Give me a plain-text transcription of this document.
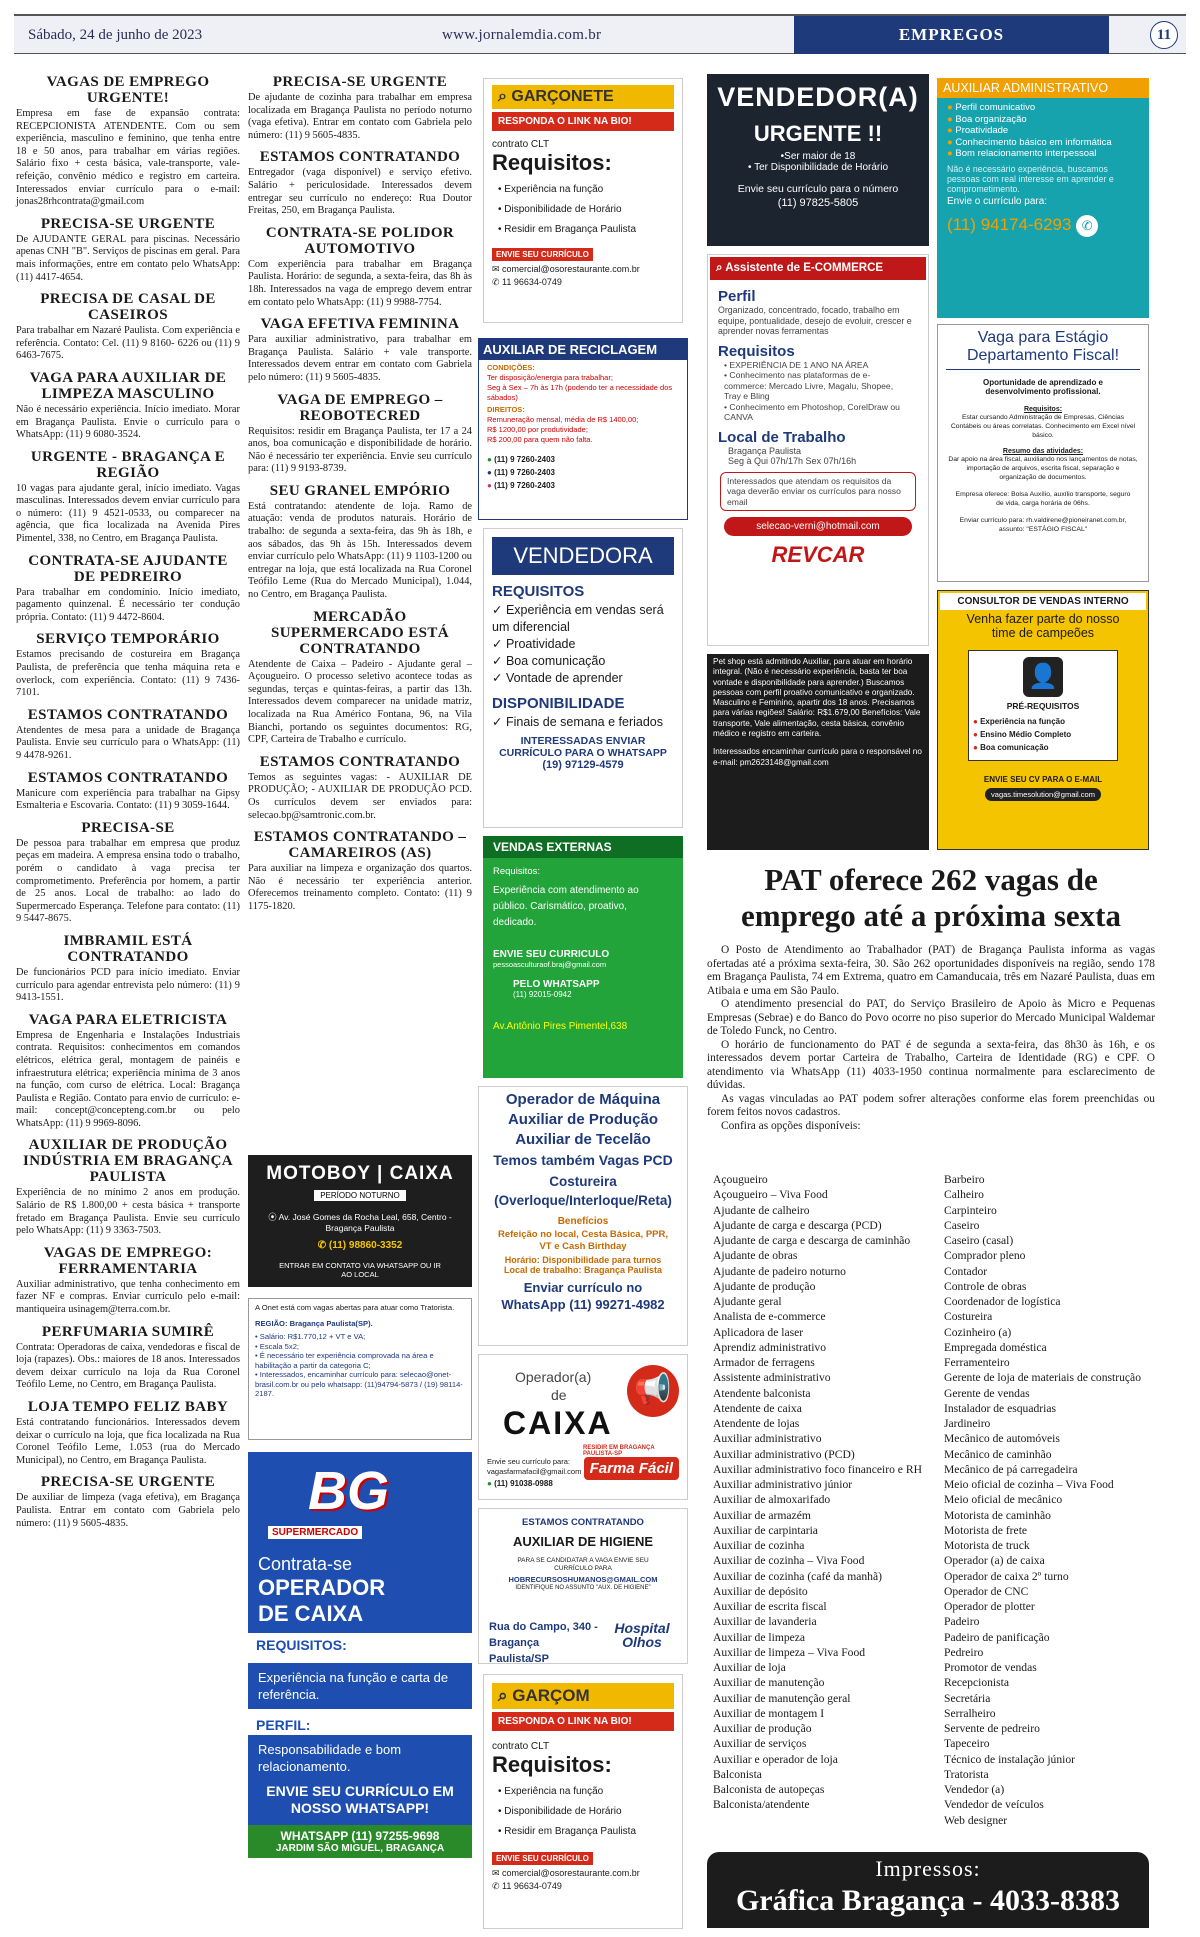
Sábado, 24 de junho de 2023	www.jornalemdia.com.br	EMPREGOS	11
VAGAS DE EMPREGO URGENTE!

Empresa em fase de expansão contrata: RECEPCIONISTA ATENDENTE. Com ou sem experiência, masculino e feminino, que tenha entre 18 e 50 anos, para trabalhar em várias regiões. Salário fixo + cesta básica, vale-transporte, vale-refeição, convênio médico e registro em carteira. Interessados enviar currículo para o e-mail: jonas28rhcontrata@gmail.com

PRECISA-SE URGENTE

De AJUDANTE GERAL para piscinas. Necessário apenas CNH "B". Serviços de piscinas em geral. Para mais informações, entre em contato pelo WhatsApp: (11) 4417-4654.

PRECISA DE CASAL DE CASEIROS

Para trabalhar em Nazaré Paulista. Com experiência e referência. Contato: Cel. (11) 9 8160- 6226 ou (11) 9 6463-7675.

VAGA PARA AUXILIAR DE LIMPEZA MASCULINO

Não é necessário experiência. Início imediato. Morar em Bragança Paulista. Envie o currículo para o WhatsApp: (11) 9 6080-3524.

URGENTE - BRAGANÇA E REGIÃO

10 vagas para ajudante geral, início imediato. Vagas masculinas. Interessados devem enviar currículo para o número: (11) 9 4521-0533, ou comparecer na agência, que fica localizada na Avenida Pires Pimentel, 338, no Centro, em Bragança Paulista.

CONTRATA-SE AJUDANTE DE PEDREIRO

Para trabalhar em condomínio. Início imediato, pagamento quinzenal. É necessário ter condução própria. Contato: (11) 9 4472-8604.

SERVIÇO TEMPORÁRIO

Estamos precisando de costureira em Bragança Paulista, de preferência que tenha máquina reta e overlock, com experiência. Contato: (11) 9 7436-7101.

ESTAMOS CONTRATANDO

Atendentes de mesa para a unidade de Bragança Paulista. Envie seu currículo para o WhatsApp: (11) 9 4478-9261.

ESTAMOS CONTRATANDO

Manicure com experiência para trabalhar na Gipsy Esmalteria e Escovaria. Contato: (11) 9 3059-1644.

PRECISA-SE

De pessoa para trabalhar em empresa que produz peças em madeira. A empresa ensina todo o trabalho, porém o candidato à vaga precisa ter comprometimento. Preferência por homem, a partir de 25 anos. Local de trabalho: ao lado do Supermercado Esperança. Telefone para contato: (11) 9 5447-8675.

IMBRAMIL ESTÁ CONTRATANDO

De funcionários PCD para início imediato. Enviar currículo para agendar entrevista pelo número: (11) 9 9413-1551.

VAGA PARA ELETRICISTA

Empresa de Engenharia e Instalações Industriais contrata. Requisitos: conhecimentos em comandos elétricos, elétrica geral, montagem de painéis e infraestrutura elétrica; experiência mínima de 3 anos na função, com curso de elétrica. Local: Bragança Paulista e Região. Contato para envio de currículo: e-mail: concept@concepteng.com.br ou pelo WhatsApp: (11) 9 9969-8096.

AUXILIAR DE PRODUÇÃO INDÚSTRIA EM BRAGANÇA PAULISTA

Experiência de no mínimo 2 anos em produção. Salário de R$ 1.800,00 + cesta básica + transporte fretado em Bragança Paulista. Envie seu currículo pelo WhatsApp: (11) 9 3363-7503.

VAGAS DE EMPREGO: FERRAMENTARIA

Auxiliar administrativo, que tenha conhecimento em fazer NF e compras. Enviar currículo pelo e-mail: mantiqueira usinagem@terra.com.br.

PERFUMARIA SUMIRÊ

Contrata: Operadoras de caixa, vendedoras e fiscal de loja (rapazes). Obs.: maiores de 18 anos. Interessados devem deixar currículo na loja da Rua Coronel Teófilo Leme, no Centro, em Bragança Paulista.

LOJA TEMPO FELIZ BABY

Está contratando funcionários. Interessados devem deixar o currículo na loja, que fica localizada na Rua Coronel Teófilo Leme, 1.053 (rua do Mercado Municipal), no Centro, em Bragança Paulista.

PRECISA-SE URGENTE

De auxiliar de limpeza (vaga efetiva), em Bragança Paulista. Entrar em contato com Gabriela pelo número: (11) 9 5605-4835.

PRECISA-SE URGENTE

De ajudante de cozinha para trabalhar em empresa localizada em Bragança Paulista no período noturno (vaga efetiva). Entrar em contato com Gabriela pelo número: (11) 9 5605-4835.

ESTAMOS CONTRATANDO

Entregador (vaga disponível) e serviço efetivo. Salário + periculosidade. Interessados devem entregar seu currículo no endereço: Rua Doutor Freitas, 250, em Bragança Paulista.

CONTRATA-SE POLIDOR AUTOMOTIVO

Com experiência para trabalhar em Bragança Paulista. Horário: de segunda, a sexta-feira, das 8h às 18h. Interessados na vaga de emprego devem entrar em contato pelo WhatsApp: (11) 9 9988-7754.

VAGA EFETIVA FEMININA

Para auxiliar administrativo, para trabalhar em Bragança Paulista. Salário + vale transporte. Interessados devem entrar em contato com Gabriela pelo número: (11) 9 5605-4835.

VAGA DE EMPREGO – REOBOTECRED

Requisitos: residir em Bragança Paulista, ter 17 a 24 anos, boa comunicação e disponibilidade de horário. Não é necessário ter experiência. Envie seu currículo para: (11) 9 9193-8739.

SEU GRANEL EMPÓRIO

Está contratando: atendente de loja. Ramo de atuação: venda de produtos naturais. Horário de trabalho: de segunda a sexta-feira, das 9h às 18h, e aos sábados, das 9h às 15h. Interessados devem enviar currículo pelo WhatsApp: (11) 9 1103-1200 ou entregar na loja, que está localizada na Rua Coronel Teófilo Leme (Rua do Mercado Municipal), 1.044, no Centro, em Bragança Paulista.

MERCADÃO SUPERMERCADO ESTÁ CONTRATANDO

Atendente de Caixa – Padeiro - Ajudante geral – Açougueiro. O processo seletivo acontece todas as segundas, terças e quintas-feiras, a partir das 13h. Interessados devem comparecer na unidade matriz, localizada na Rua Américo Fontana, 96, na Vila Bianchi, portando os seguintes documentos: RG, CPF, Carteira de Trabalho e currículo.

ESTAMOS CONTRATANDO

Temos as seguintes vagas: - AUXILIAR DE PRODUÇÃO; - AUXILIAR DE PRODUÇÃO PCD. Os currículos devem ser enviados para: selecao.bp@samtronic.com.br.

ESTAMOS CONTRATANDO – CAMAREIROS (AS)

Para auxiliar na limpeza e organização dos quartos. Não é necessário ter experiência anterior. Oferecemos treinamento completo. Contato: (11) 9 1175-1820.

MOTOBOY | CAIXA
PERÍODO NOTURNO
⦿ Av. José Gomes da Rocha Leal, 658, Centro - Bragança Paulista
✆ (11) 98860-3352
ENTRAR EM CONTATO VIA WHATSAPP OU IR AO LOCAL
A Onet está com vagas abertas para atuar como Tratorista.
REGIÃO: Bragança Paulista(SP).
• Salário: R$1.770,12 + VT e VA;
• Escala 5x2;
• É necessário ter experiência comprovada na área e habilitação a partir da categoria C;
• Interessados, encaminhar currículo para: selecao@onet-brasil.com.br ou pelo whatsapp: (11)94794-5873 / (19) 98114-2187.
BG
SUPERMERCADO
Contrata-se
OPERADOR
DE CAIXA
REQUISITOS:
Experiência na função e carta de referência.
PERFIL:
Responsabilidade e bom relacionamento.
ENVIE SEU CURRÍCULO EM NOSSO WHATSAPP!
WHATSAPP (11) 97255-9698
JARDIM SÃO MIGUEL, BRAGANÇA
⌕ GARÇONETE
RESPONDA O LINK NA BIO!
contrato CLT
Requisitos:
• Experiência na função
• Disponibilidade de Horário
• Residir em Bragança Paulista
ENVIE SEU CURRÍCULO
✉ comercial@osorestaurante.com.br
✆ 11 96634-0749
AUXILIAR DE RECICLAGEM
CONDIÇÕES:
Ter disposição/energia para trabalhar;
Seg à Sex – 7h às 17h (podendo ter a necessidade dos sábados)
DIREITOS:
Remuneração mensal, média de R$ 1400,00;
R$ 1200,00 por produtividade;
R$ 200,00 para quem não falta.
● (11) 9 7260-2403
● (11) 9 7260-2403
● (11) 9 7260-2403
VENDEDORA
REQUISITOS
✓ Experiência em vendas será um diferencial
✓ Proatividade
✓ Boa comunicação
✓ Vontade de aprender
DISPONIBILIDADE
✓ Finais de semana e feriados
INTERESSADAS ENVIAR CURRÍCULO PARA O WHATSAPP
(19) 97129-4579
VENDAS EXTERNAS
Requisitos:
Experiência com atendimento ao público. Carismático, proativo, dedicado.
ENVIE SEU CURRICULO
pessoasculturaof.braj@gmail.com
PELO WHATSAPP
(11) 92015-0942
Av.Antônio Pires Pimentel,638
Operador de Máquina
Auxiliar de Produção
Auxiliar de Tecelão
Temos também Vagas PCD
Costureira (Overloque/Interloque/Reta)
Benefícios
Refeição no local, Cesta Básica, PPR, VT e Cash Birthday
Horário: Disponibilidade para turnos
Local de trabalho: Bragança Paulista
Enviar currículo no WhatsApp (11) 99271-4982
Operador(a)
de
CAIXA
📢
RESIDIR EM BRAGANÇA PAULISTA-SP
Envie seu currículo para:
vagasfarmafacil@gmail.com
● (11) 91038-0988
Farma Fácil
ESTAMOS CONTRATANDO
AUXILIAR DE HIGIENE
PARA SE CANDIDATAR A VAGA ENVIE SEU CURRÍCULO PARA
HOBRECURSOSHUMANOS@GMAIL.COM
IDENTIFIQUE NO ASSUNTO "AUX. DE HIGIENE"
Rua do Campo, 340 - Bragança Paulista/SP
Hospital Olhos
⌕ GARÇOM
RESPONDA O LINK NA BIO!
contrato CLT
Requisitos:
• Experiência na função
• Disponibilidade de Horário
• Residir em Bragança Paulista
ENVIE SEU CURRÍCULO
✉ comercial@osorestaurante.com.br
✆ 11 96634-0749
VENDEDOR(A)
URGENTE !!
•Ser maior de 18
• Ter Disponibilidade de Horário
Envie seu currículo para o número
(11) 97825-5805
⌕ Assistente de E-COMMERCE
Perfil
Organizado, concentrado, focado, trabalho em equipe, pontualidade, desejo de evoluir, crescer e aprender novas ferramentas
Requisitos
• EXPERIÊNCIA DE 1 ANO NA ÁREA
• Conhecimento nas plataformas de e-commerce: Mercado Livre, Magalu, Shopee, Tray e Bling
• Conhecimento em Photoshop, CorelDraw ou CANVA
Local de Trabalho
Bragança Paulista
Seg à Qui 07h/17h Sex 07h/16h
Interessados que atendam os requisitos da vaga deverão enviar os currículos para nosso email
selecao-verni@hotmail.com
REVCAR
Pet shop está admitindo Auxiliar, para atuar em horário integral. (Não é necessário experiência, basta ter boa vontade e disponibilidade para aprender.) Buscamos pessoas com perfil proativo comunicativo e organizado. Masculino e Feminino, apartir dos 18 anos. Precisamos para várias regiões! Salário: R$1.679,00 Benefícios: Vale transporte, Vale alimentação, cesta básica, convênio médico e registro em carteira.
Interessados encaminhar currículo para o responsável no e-mail: pm2623148@gmail.com
AUXILIAR ADMINISTRATIVO
● Perfil comunicativo
● Boa organização
● Proatividade
● Conhecimento básico em informática
● Bom relacionamento interpessoal
Não é necessário experiência, buscamos pessoas com real interesse em aprender e comprometimento.
Envie o currículo para:
(11) 94174-6293 ✆
Vaga para Estágio
Departamento Fiscal!
Oportunidade de aprendizado e desenvolvimento profissional.
Requisitos:
Estar cursando Administração de Empresas, Ciências Contábeis ou áreas correlatas. Conhecimento em Excel nível básico.
Resumo das atividades:
Dar apoio na área fiscal, auxiliando nos lançamentos de notas, importação de arquivos, escrita fiscal, separação e organização de documentos.
Empresa oferece: Bolsa Auxílio, auxílio transporte, seguro de vida, carga horária de 06hs.
Enviar currículo para: rh.valdirene@pioneiranet.com.br, assunto: "ESTÁGIO FISCAL"
CONSULTOR DE VENDAS INTERNO
Venha fazer parte do nosso time de campeões
👤
PRÉ-REQUISITOS
● Experiência na função
● Ensino Médio Completo
● Boa comunicação
ENVIE SEU CV PARA O E-MAIL
vagas.timesolution@gmail.com
PAT oferece 262 vagas de emprego até a próxima sexta

O Posto de Atendimento ao Trabalhador (PAT) de Bragança Paulista informa as vagas ofertadas até a próxima sexta-feira, 30. São 262 oportunidades disponíveis na região, sendo 178 em Bragança Paulista, 74 em Extrema, quatro em Camanducaia, três em Nazaré Paulista, duas em Atibaia e uma em São Paulo.

O atendimento presencial do PAT, do Serviço Brasileiro de Apoio às Micro e Pequenas Empresas (Sebrae) e do Banco do Povo ocorre no piso superior do Mercado Municipal Waldemar de Toledo Funck, no Centro.

O horário de funcionamento do PAT é de segunda a sexta-feira, das 8h30 às 16h, e os interessados devem portar Carteira de Trabalho, Carteira de Identidade (RG) e CPF. O atendimento via WhatsApp (11) 4033-1950 continua normalmente para esclarecimento de dúvidas.

As vagas vinculadas ao PAT podem sofrer alterações conforme elas forem preenchidas ou forem feitos novos cadastros.

Confira as opções disponíveis:

Açougueiro
Açougueiro – Viva Food
Ajudante de calheiro
Ajudante de carga e descarga (PCD)
Ajudante de carga e descarga de caminhão
Ajudante de obras
Ajudante de padeiro noturno
Ajudante de produção
Ajudante geral
Analista de e-commerce
Aplicadora de laser
Aprendiz administrativo
Armador de ferragens
Assistente administrativo
Atendente balconista
Atendente de caixa
Atendente de lojas
Auxiliar administrativo
Auxiliar administrativo (PCD)
Auxiliar administrativo foco financeiro e RH
Auxiliar administrativo júnior
Auxiliar de almoxarifado
Auxiliar de armazém
Auxiliar de carpintaria
Auxiliar de cozinha
Auxiliar de cozinha – Viva Food
Auxiliar de cozinha (café da manhã)
Auxiliar de depósito
Auxiliar de escrita fiscal
Auxiliar de lavanderia
Auxiliar de limpeza
Auxiliar de limpeza – Viva Food
Auxiliar de loja
Auxiliar de manutenção
Auxiliar de manutenção geral
Auxiliar de montagem I
Auxiliar de produção
Auxiliar de serviços
Auxiliar e operador de loja
Balconista
Balconista de autopeças
Balconista/atendente
Barbeiro
Calheiro
Carpinteiro
Caseiro
Caseiro (casal)
Comprador pleno
Contador
Controle de obras
Coordenador de logística
Costureira
Cozinheiro (a)
Empregada doméstica
Ferramenteiro
Gerente de loja de materiais de construção
Gerente de vendas
Instalador de esquadrias
Jardineiro
Mecânico de automóveis
Mecânico de caminhão
Mecânico de pá carregadeira
Meio oficial de cozinha – Viva Food
Meio oficial de mecânico
Motorista de caminhão
Motorista de frete
Motorista de truck
Operador (a) de caixa
Operador de caixa 2º turno
Operador de CNC
Operador de plotter
Padeiro
Padeiro de panificação
Pedreiro
Promotor de vendas
Recepcionista
Secretária
Serralheiro
Servente de pedreiro
Tapeceiro
Técnico de instalação júnior
Tratorista
Vendedor (a)
Vendedor de veículos
Web designer
Impressos:
Gráfica Bragança - 4033-8383
